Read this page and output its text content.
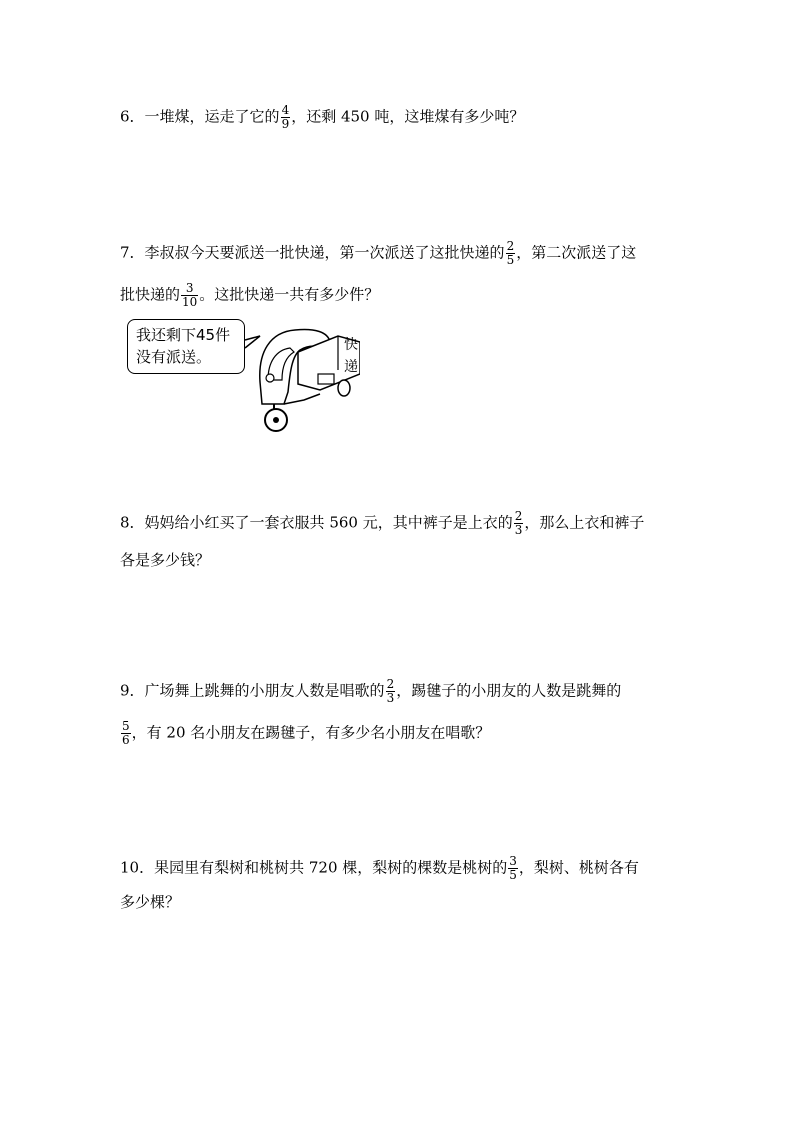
6．一堆煤，运走了它的 $\frac{4}{9}$ ，还剩 450 吨，这堆煤有多少吨？
7．李叔叔今天要派送一批快递，第一次派送了这批快递的 $\frac{2}{5}$ ，第二次派送了这
批快递的 $\frac{3}{10}$ 。这批快递一共有多少件？
我还剩下45件
没有派送。
快
递
8．妈妈给小红买了一套衣服共 560 元，其中裤子是上衣的 $\frac{2}{3}$ ，那么上衣和裤子
各是多少钱？
9．广场舞上跳舞的小朋友人数是唱歌的 $\frac{2}{3}$ ，踢毽子的小朋友的人数是跳舞的
$\frac{5}{6}$ ，有 20 名小朋友在踢毽子，有多少名小朋友在唱歌？
10．果园里有梨树和桃树共 720 棵，梨树的棵数是桃树的 $\frac{3}{5}$ ，梨树、桃树各有
多少棵？
